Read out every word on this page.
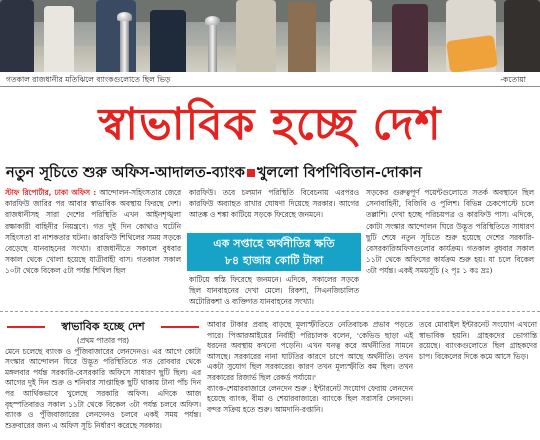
গতকাল রাজধানীর মতিঝিলে ব্যাংকগুলোতে ছিল ভিড়	-কতোয়া
স্বাভাবিক হচ্ছে দেশ
নতুন সূচিতে শুরু অফিস-আদালত-ব্যাংক খুললো বিপণিবিতান-দোকান

স্টাফ রিপোর্টার, ঢাকা অফিস : আন্দোলন-সহিংসতার জেরে কারফিউ জারির পর আবার স্বাভাবিক অবস্থায় ফিরছে দেশ। রাজধানীসহ সারা দেশের পরিস্থিতি এখন আইনশৃঙ্খলা রক্ষাকারী বাহিনীর নিয়ন্ত্রণে। গত দুই দিন কোথাও ঘটেনি সহিংসতা বা নাশকতার ঘটনা। কারফিউ শিথিলের সময় সড়কে বেড়েছে যানবাহনের সংখ্যা। রাজধানীতে সকালে বুধবার সকাল থেকে খোলা হয়েছে যাত্রীবাহী বাস। গতকাল সকাল ১০টা থেকে বিকেল ৫টা পর্যন্ত শিথিল ছিল

কারফিউ। তবে চলমান পরিস্থিতি বিবেচনায় এরপরও কারফিউ অব্যাহত রাখার ঘোষণা দিয়েছে সরকার। আগের আতঙ্ক ও শঙ্কা কাটিয়ে সড়কে ফিরেছে জনমনে।

এক সপ্তাহে অর্থনীতির ক্ষতি
৮৪ হাজার কোটি টাকা

কাটিয়ে স্বস্তি ফিরেছে জনমনে। এদিকে, সকালের সড়কে ছিল যানবাহনের দেখা মেলে। রিকশা, সিএনজিচালিত অটোরিকশা ও ব্যক্তিগত যানবাহনের সংখ্যা।

সড়কের গুরুত্বপূর্ণ পয়েন্টগুলোতে সতর্ক অবস্থানে ছিল সেনাবাহিনী, বিজিবি ও পুলিশ। বিভিন্ন চেকপোস্টে চলে তল্লাশি। দেখা হচ্ছে পরিচয়পত্র ও কারফিউ পাস। এদিকে, কোটা সংস্কার আন্দোলন ঘিরে উদ্ভূত পরিস্থিতিতে সাধারণ ছুটি শেষে নতুন সূচিতে শুরু হয়েছে দেশের সরকারি-বেসরকারিঅফিসগুলোর কার্যক্রম। গতকাল বুধবার সকাল ১১টা থেকে অফিসের কার্যক্রম শুরু হয়। যা চলে বিকেল ৩টা পর্যন্ত। একই সময়সূচি (২ পৃঃ ১ কঃ দ্রঃ)

স্বাভাবিক হচ্ছে দেশ

(প্রথম পাতার পর)

মেনে চলেছে ব্যাংক ও পুঁজিবাজারের লেনদেনও। এর আগে কোটা সংস্কার আন্দোলন ঘিরে উদ্ভূত পরিস্থিতিতে গত রোববার থেকে মঙ্গলবার পর্যন্ত সরকারি-বেসরকারি অফিসে সাধারণ ছুটি ছিল। এর আগের দুই দিন শুক্র ও শনিবার সাপ্তাহিক ছুটি থাকায় টানা পাঁচ দিন পর আর্থিকভাবে খুলেছে সরকারি অফিস। এদিকে আজ বৃহস্পতিবারও সকাল ১১টা থেকে বিকেল ৩টা পর্যন্ত চলবে অফিস। ব্যাংক ও পুঁজিবাজারের লেনদেনও চলবে একই সময় পর্যন্ত। শুক্রবারের জন্য এ অফিস সূচি নির্ধারণ করেছে সরকার।

আবার টাকার প্রবাহ বাড়ছে মূল্যস্ফীতিতে নেতিবাচক প্রভাব পড়তে পারে। পিআরআইয়ের নির্বাহী পরিচালক বলেন, 'কেভিড ছাড়া এই ধরনের অবস্থায় কখনো পড়েনি। এখন ঘনত্ব করে অর্থনীতির সামনে আসছে। সরকারের নানা ঘাটতির কারণে চাপে আছে অর্থনীতি। তখন একটা সুযোগ ছিল সরকারের। কারণ তখন মূল্যস্ফীতি কম ছিল। তখন সরকারের রিজার্ভ ছিল রেকর্ড পর্যায়ে।'

ব্যাংক-শেয়ারবাজারে লেনদেন শুরু : ইন্টারনেট সংযোগ ফেরায় লেনদেন হয়েছে ব্যাংক, বীমা ও শেয়ারবাজারে। ব্যাংকে ছিল সরাসরি লেনদেন। বন্দর সক্রিয় হতে শুরু। আমদানি-রপ্তানি।

তবে মোবাইল ইন্টারনেট সংযোগ এখনো স্বাভাবিক হয়নি। গ্রাহকদের ভোগান্তি রয়েছে। ব্যাংকগুলোতে ছিল গ্রাহকদের চাপ। বিকেলের দিকে কমে আসে ভিড়।
